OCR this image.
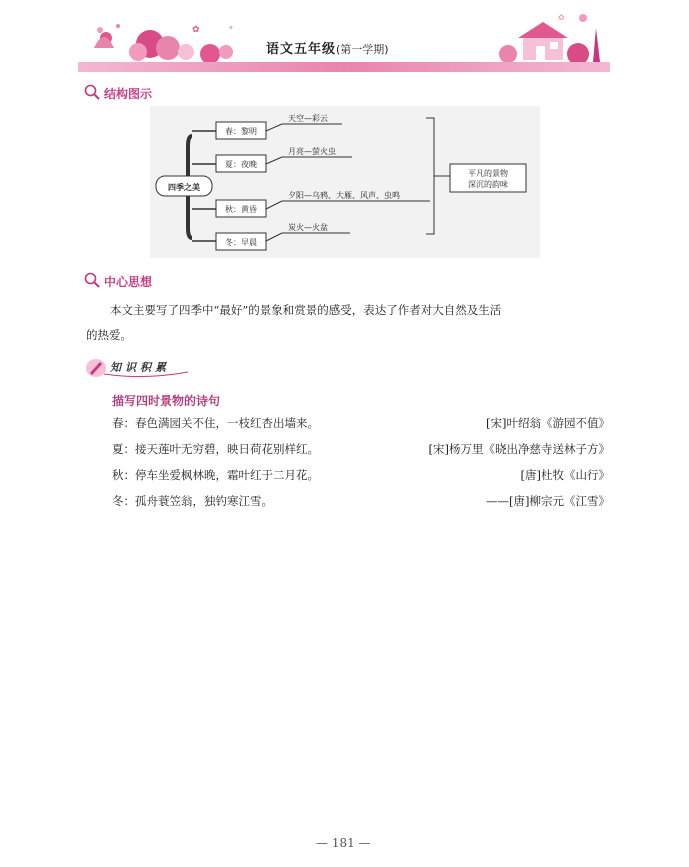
✿	✦
✿
语文五年级(第一学期)
结构图示
四季之美
春：黎明
天空—彩云
夏：夜晚
月亮—萤火虫
秋：黄昏
夕阳—乌鸦、大雁、风声、虫鸣
冬：早晨
炭火—火盆
平凡的景物
深沉的韵味
中心思想
本文主要写了四季中“最好”的景象和赏景的感受，表达了作者对大自然及生活
的热爱。
知识积累
描写四时景物的诗句
春：春色满园关不住，一枝红杏出墙来。	[宋]叶绍翁《游园不值》
夏：接天莲叶无穷碧，映日荷花别样红。	[宋]杨万里《晓出净慈寺送林子方》
秋：停车坐爱枫林晚，霜叶红于二月花。	[唐]杜牧《山行》
冬：孤舟蓑笠翁，独钓寒江雪。	——[唐]柳宗元《江雪》
— 181 —
